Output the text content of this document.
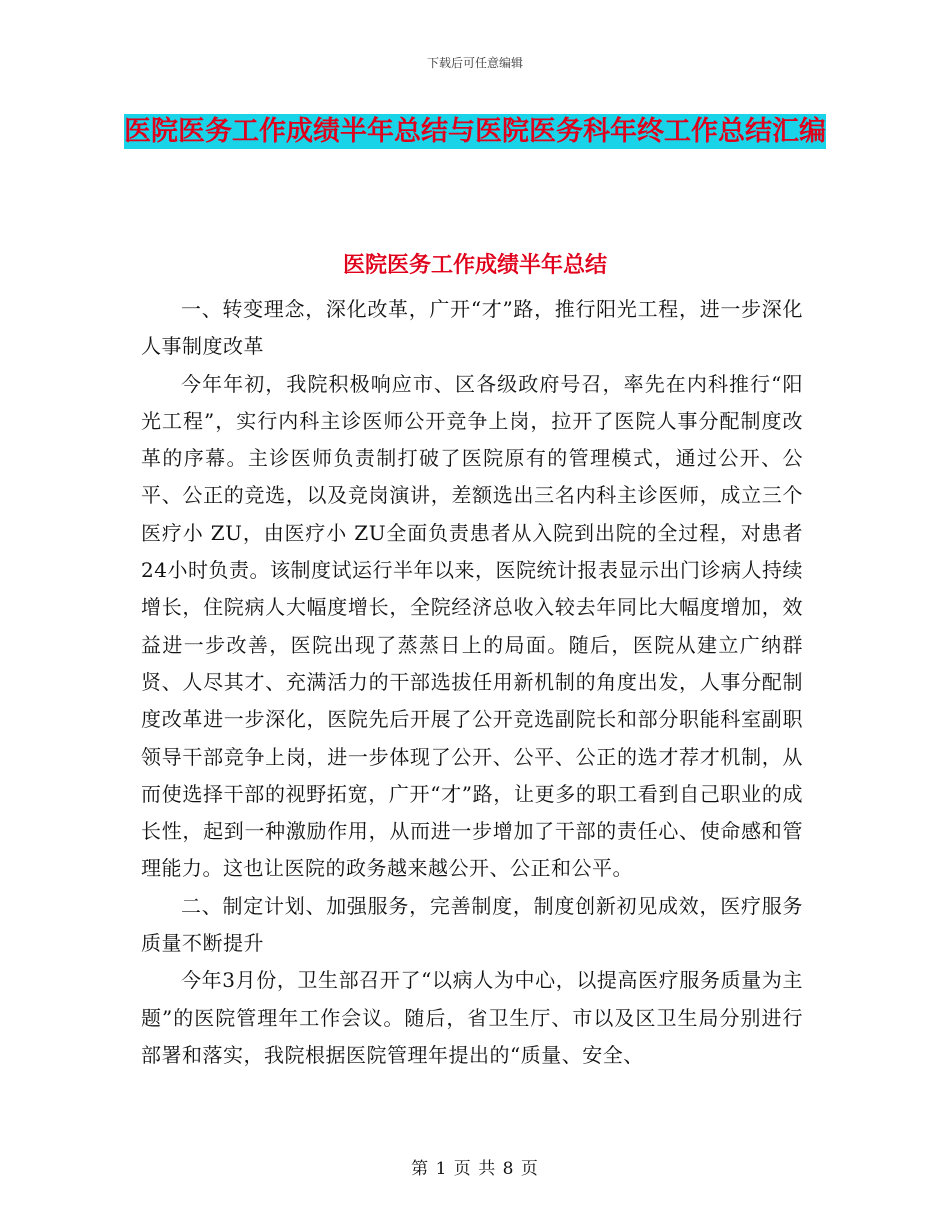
下载后可任意编辑
医院医务工作成绩半年总结与医院医务科年终工作总结汇编
医院医务工作成绩半年总结

一、转变理念，深化改革，广开“才”路，推行阳光工程，进一步深化人事制度改革

今年年初，我院积极响应市、区各级政府号召，率先在内科推行“阳光工程”，实行内科主诊医师公开竞争上岗，拉开了医院人事分配制度改革的序幕。主诊医师负责制打破了医院原有的管理模式，通过公开、公平、公正的竞选，以及竞岗演讲，差额选出三名内科主诊医师，成立三个医疗小 ZU，由医疗小 ZU全面负责患者从入院到出院的全过程，对患者24小时负责。该制度试运行半年以来，医院统计报表显示出门诊病人持续增长，住院病人大幅度增长，全院经济总收入较去年同比大幅度增加，效益进一步改善，医院出现了蒸蒸日上的局面。随后，医院从建立广纳群贤、人尽其才、充满活力的干部选拔任用新机制的角度出发，人事分配制度改革进一步深化，医院先后开展了公开竞选副院长和部分职能科室副职领导干部竞争上岗，进一步体现了公开、公平、公正的选才荐才机制，从而使选择干部的视野拓宽，广开“才”路，让更多的职工看到自己职业的成长性，起到一种激励作用，从而进一步增加了干部的责任心、使命感和管理能力。这也让医院的政务越来越公开、公正和公平。

二、制定计划、加强服务，完善制度，制度创新初见成效，医疗服务质量不断提升

今年3月份，卫生部召开了“以病人为中心，以提高医疗服务质量为主题”的医院管理年工作会议。随后，省卫生厅、市以及区卫生局分别进行部署和落实，我院根据医院管理年提出的“质量、安全、

第 1 页 共 8 页
